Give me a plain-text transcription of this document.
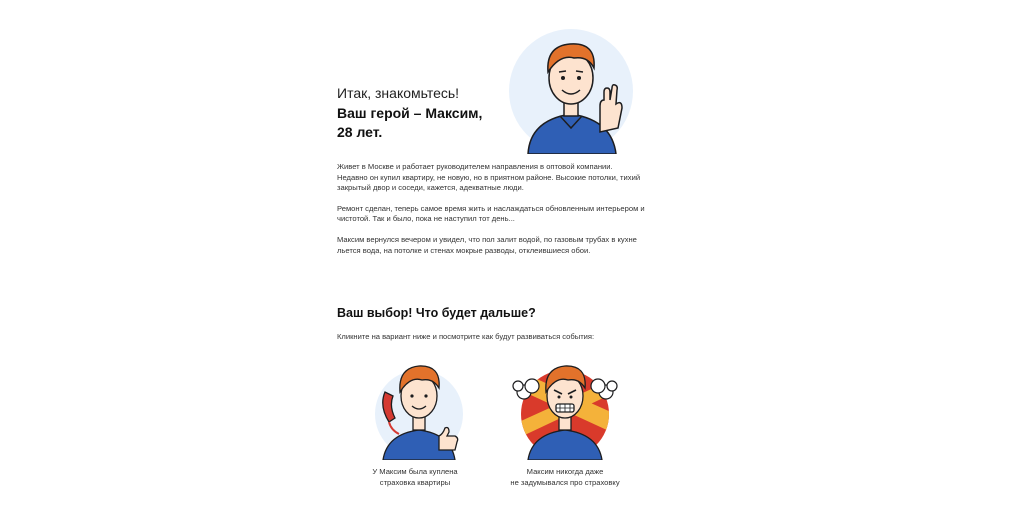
Итак, знакомьтесь!
Ваш герой – Максим,
28 лет.

Живет в Москве и работает руководителем направления в оптовой компании.
Недавно он купил квартиру, не новую, но в приятном районе. Высокие потолки, тихий закрытый двор и соседи, кажется, адекватные люди.

Ремонт сделан, теперь самое время жить и наслаждаться обновленным интерьером и чистотой. Так и было, пока не наступил тот день...

Максим вернулся вечером и увидел, что пол залит водой, по газовым трубах в кухне льется вода, на потолке и стенах мокрые разводы, отклеившиеся обои.

Ваш выбор! Что будет дальше?
Кликните на вариант ниже и посмотрите как будут развиваться события:
У Максим была куплена
страховка квартиры
Максим никогда даже
не задумывался про страховку
